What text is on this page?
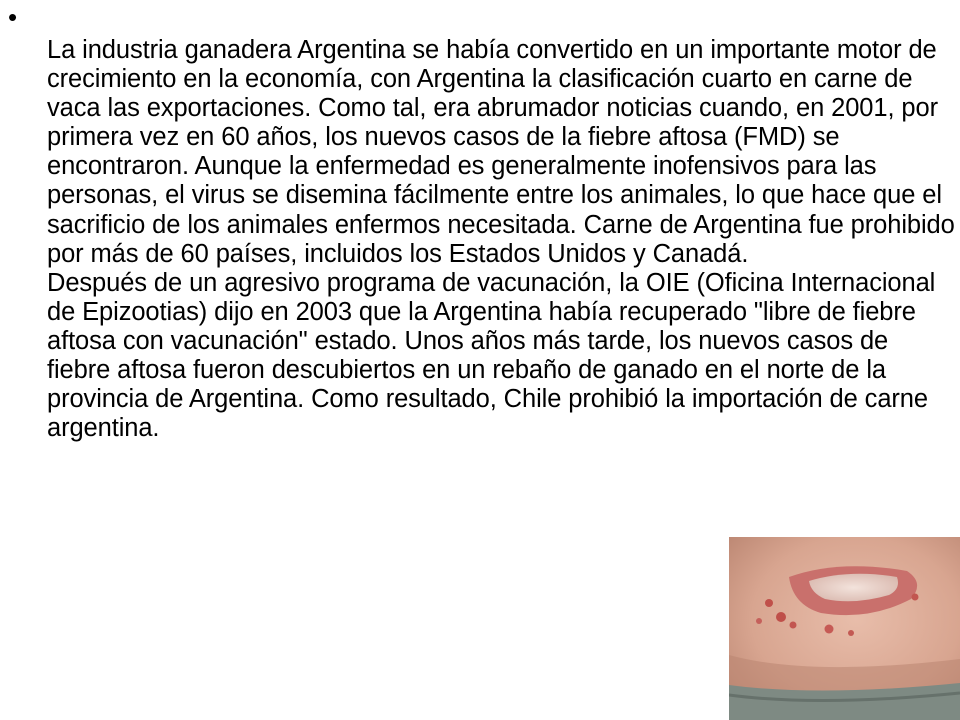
•

La industria ganadera Argentina se había convertido en un importante motor de crecimiento en la economía, con Argentina la clasificación cuarto en carne de vaca las exportaciones. Como tal, era abrumador noticias cuando, en 2001, por primera vez en 60 años, los nuevos casos de la fiebre aftosa (FMD) se encontraron. Aunque la enfermedad es generalmente inofensivos para las personas, el virus se disemina fácilmente entre los animales, lo que hace que el sacrificio de los animales enfermos necesitada. Carne de Argentina fue prohibido por más de 60 países, incluidos los Estados Unidos y Canadá.

Después de un agresivo programa de vacunación, la OIE (Oficina Internacional de Epizootias) dijo en 2003 que la Argentina había recuperado "libre de fiebre aftosa con vacunación" estado. Unos años más tarde, los nuevos casos de fiebre aftosa fueron descubiertos en un rebaño de ganado en el norte de la provincia de Argentina. Como resultado, Chile prohibió la importación de carne argentina.
